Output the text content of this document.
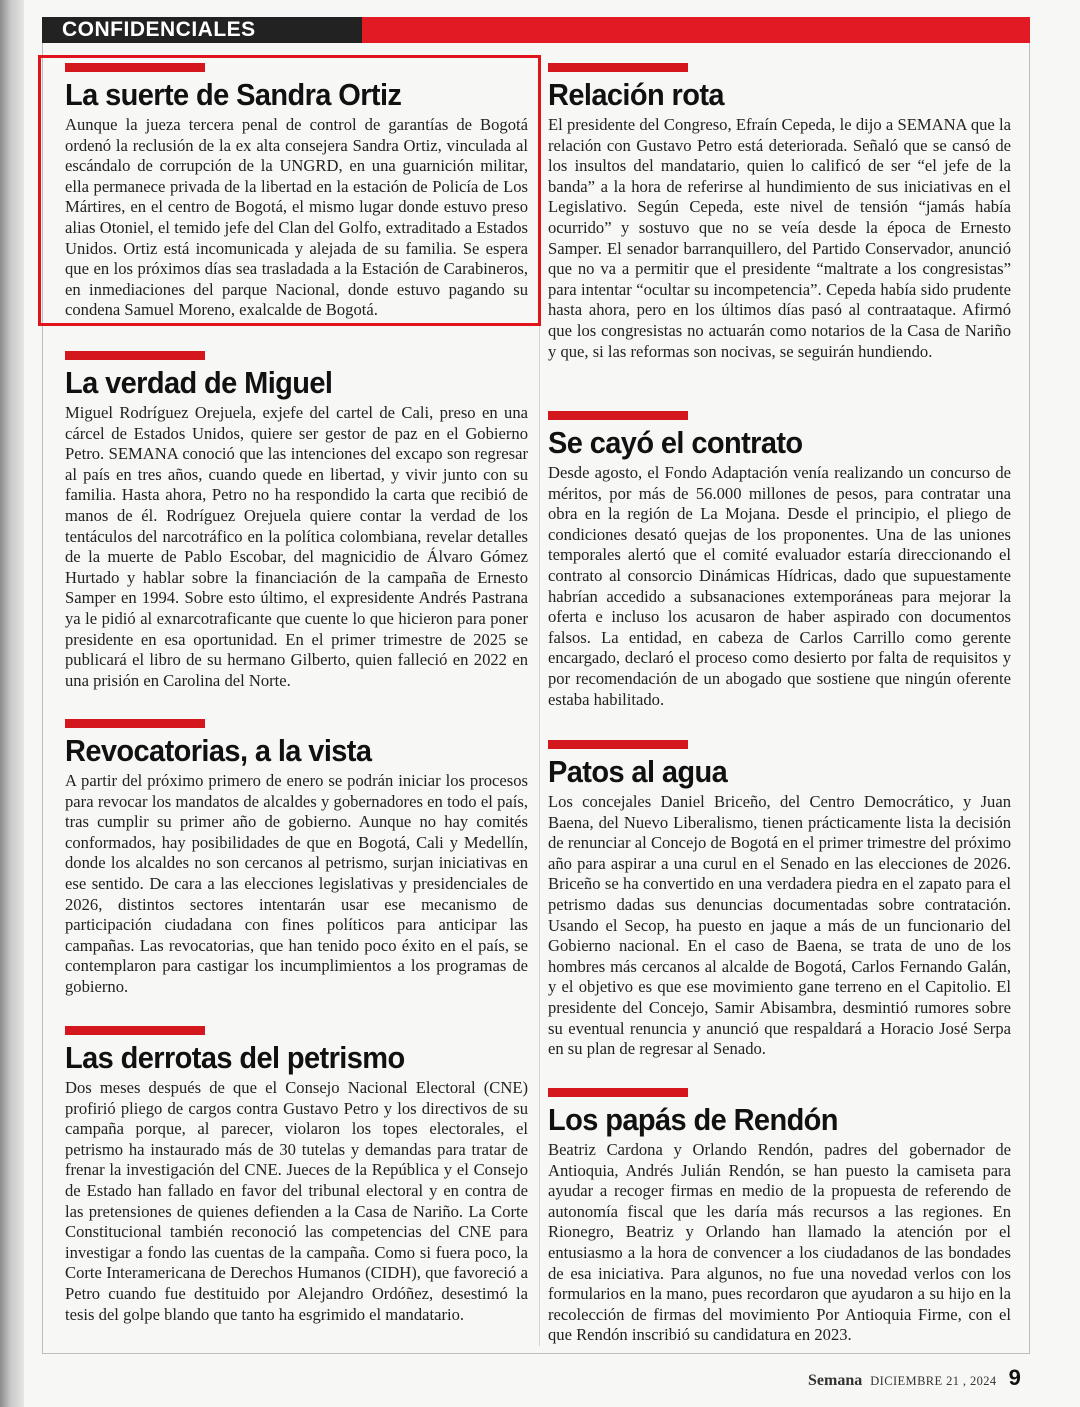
CONFIDENCIALES
La suerte de Sandra Ortiz

Aunque la jueza tercera penal de control de garantías de Bogotá ordenó la reclusión de la ex alta consejera Sandra Ortiz, vinculada al escándalo de corrupción de la UNGRD, en una guarnición militar, ella permanece privada de la libertad en la estación de Policía de Los Mártires, en el centro de Bogotá, el mismo lugar donde estuvo preso alias Otoniel, el temido jefe del Clan del Golfo, extraditado a Estados Unidos. Ortiz está incomunicada y alejada de su familia. Se espera que en los próximos días sea trasladada a la Estación de Carabineros, en inmediaciones del parque Nacional, donde estuvo pagando su condena Samuel Moreno, exalcalde de Bogotá.

La verdad de Miguel

Miguel Rodríguez Orejuela, exjefe del cartel de Cali, preso en una cárcel de Estados Unidos, quiere ser gestor de paz en el Gobierno Petro. SEMANA conoció que las intenciones del excapo son regresar al país en tres años, cuando quede en libertad, y vivir junto con su familia. Hasta ahora, Petro no ha respondido la carta que recibió de manos de él. Rodríguez Orejuela quiere contar la verdad de los tentáculos del narcotráfico en la política colombiana, revelar detalles de la muerte de Pablo Escobar, del magnicidio de Álvaro Gómez Hurtado y hablar sobre la financiación de la campaña de Ernesto Samper en 1994. Sobre esto último, el expresidente Andrés Pastrana ya le pidió al exnarcotraficante que cuente lo que hicieron para poner presidente en esa oportunidad. En el primer trimestre de 2025 se publicará el libro de su hermano Gilberto, quien falleció en 2022 en una prisión en Carolina del Norte.

Revocatorias, a la vista

A partir del próximo primero de enero se podrán iniciar los procesos para revocar los mandatos de alcaldes y gobernadores en todo el país, tras cumplir su primer año de gobierno. Aunque no hay comités conformados, hay posibilidades de que en Bogotá, Cali y Medellín, donde los alcaldes no son cercanos al petrismo, surjan iniciativas en ese sentido. De cara a las elecciones legislativas y presidenciales de 2026, distintos sectores intentarán usar ese mecanismo de participación ciudadana con fines políticos para anticipar las campañas. Las revocatorias, que han tenido poco éxito en el país, se contemplaron para castigar los incumplimientos a los programas de gobierno.

Las derrotas del petrismo

Dos meses después de que el Consejo Nacional Electoral (CNE) profirió pliego de cargos contra Gustavo Petro y los directivos de su campaña porque, al parecer, violaron los topes electorales, el petrismo ha instaurado más de 30 tutelas y demandas para tratar de frenar la investigación del CNE. Jueces de la República y el Consejo de Estado han fallado en favor del tribunal electoral y en contra de las pretensiones de quienes defienden a la Casa de Nariño. La Corte Constitucional también reconoció las competencias del CNE para investigar a fondo las cuentas de la campaña. Como si fuera poco, la Corte Interamericana de Derechos Humanos (CIDH), que favoreció a Petro cuando fue destituido por Alejandro Ordóñez, desestimó la tesis del golpe blando que tanto ha esgrimido el mandatario.

Relación rota

El presidente del Congreso, Efraín Cepeda, le dijo a SEMANA que la relación con Gustavo Petro está deteriorada. Señaló que se cansó de los insultos del mandatario, quien lo calificó de ser “el jefe de la banda” a la hora de referirse al hundimiento de sus iniciativas en el Legislativo. Según Cepeda, este nivel de tensión “jamás había ocurrido” y sostuvo que no se veía desde la época de Ernesto Samper. El senador barranquillero, del Partido Conservador, anunció que no va a permitir que el presidente “maltrate a los congresistas” para intentar “ocultar su incompetencia”. Cepeda había sido prudente hasta ahora, pero en los últimos días pasó al contraataque. Afirmó que los congresistas no actuarán como notarios de la Casa de Nariño y que, si las reformas son nocivas, se seguirán hundiendo.

Se cayó el contrato

Desde agosto, el Fondo Adaptación venía realizando un concurso de méritos, por más de 56.000 millones de pesos, para contratar una obra en la región de La Mojana. Desde el principio, el pliego de condiciones desató quejas de los proponentes. Una de las uniones temporales alertó que el comité evaluador estaría direccionando el contrato al consorcio Dinámicas Hídricas, dado que supuestamente habrían accedido a subsanaciones extemporáneas para mejorar la oferta e incluso los acusaron de haber aspirado con documentos falsos. La entidad, en cabeza de Carlos Carrillo como gerente encargado, declaró el proceso como desierto por falta de requisitos y por recomendación de un abogado que sostiene que ningún oferente estaba habilitado.

Patos al agua

Los concejales Daniel Briceño, del Centro Democrático, y Juan Baena, del Nuevo Liberalismo, tienen prácticamente lista la decisión de renunciar al Concejo de Bogotá en el primer trimestre del próximo año para aspirar a una curul en el Senado en las elecciones de 2026. Briceño se ha convertido en una verdadera piedra en el zapato para el petrismo dadas sus denuncias documentadas sobre contratación. Usando el Secop, ha puesto en jaque a más de un funcionario del Gobierno nacional. En el caso de Baena, se trata de uno de los hombres más cercanos al alcalde de Bogotá, Carlos Fernando Galán, y el objetivo es que ese movimiento gane terreno en el Capitolio. El presidente del Concejo, Samir Abisambra, desmintió rumores sobre su eventual renuncia y anunció que respaldará a Horacio José Serpa en su plan de regresar al Senado.

Los papás de Rendón

Beatriz Cardona y Orlando Rendón, padres del gobernador de Antioquia, Andrés Julián Rendón, se han puesto la camiseta para ayudar a recoger firmas en medio de la propuesta de referendo de autonomía fiscal que les daría más recursos a las regiones. En Rionegro, Beatriz y Orlando han llamado la atención por el entusiasmo a la hora de convencer a los ciudadanos de las bondades de esa iniciativa. Para algunos, no fue una novedad verlos con los formularios en la mano, pues recordaron que ayudaron a su hijo en la recolección de firmas del movimiento Por Antioquia Firme, con el que Rendón inscribió su candidatura en 2023.

Semana DICIEMBRE 21 , 2024 9
